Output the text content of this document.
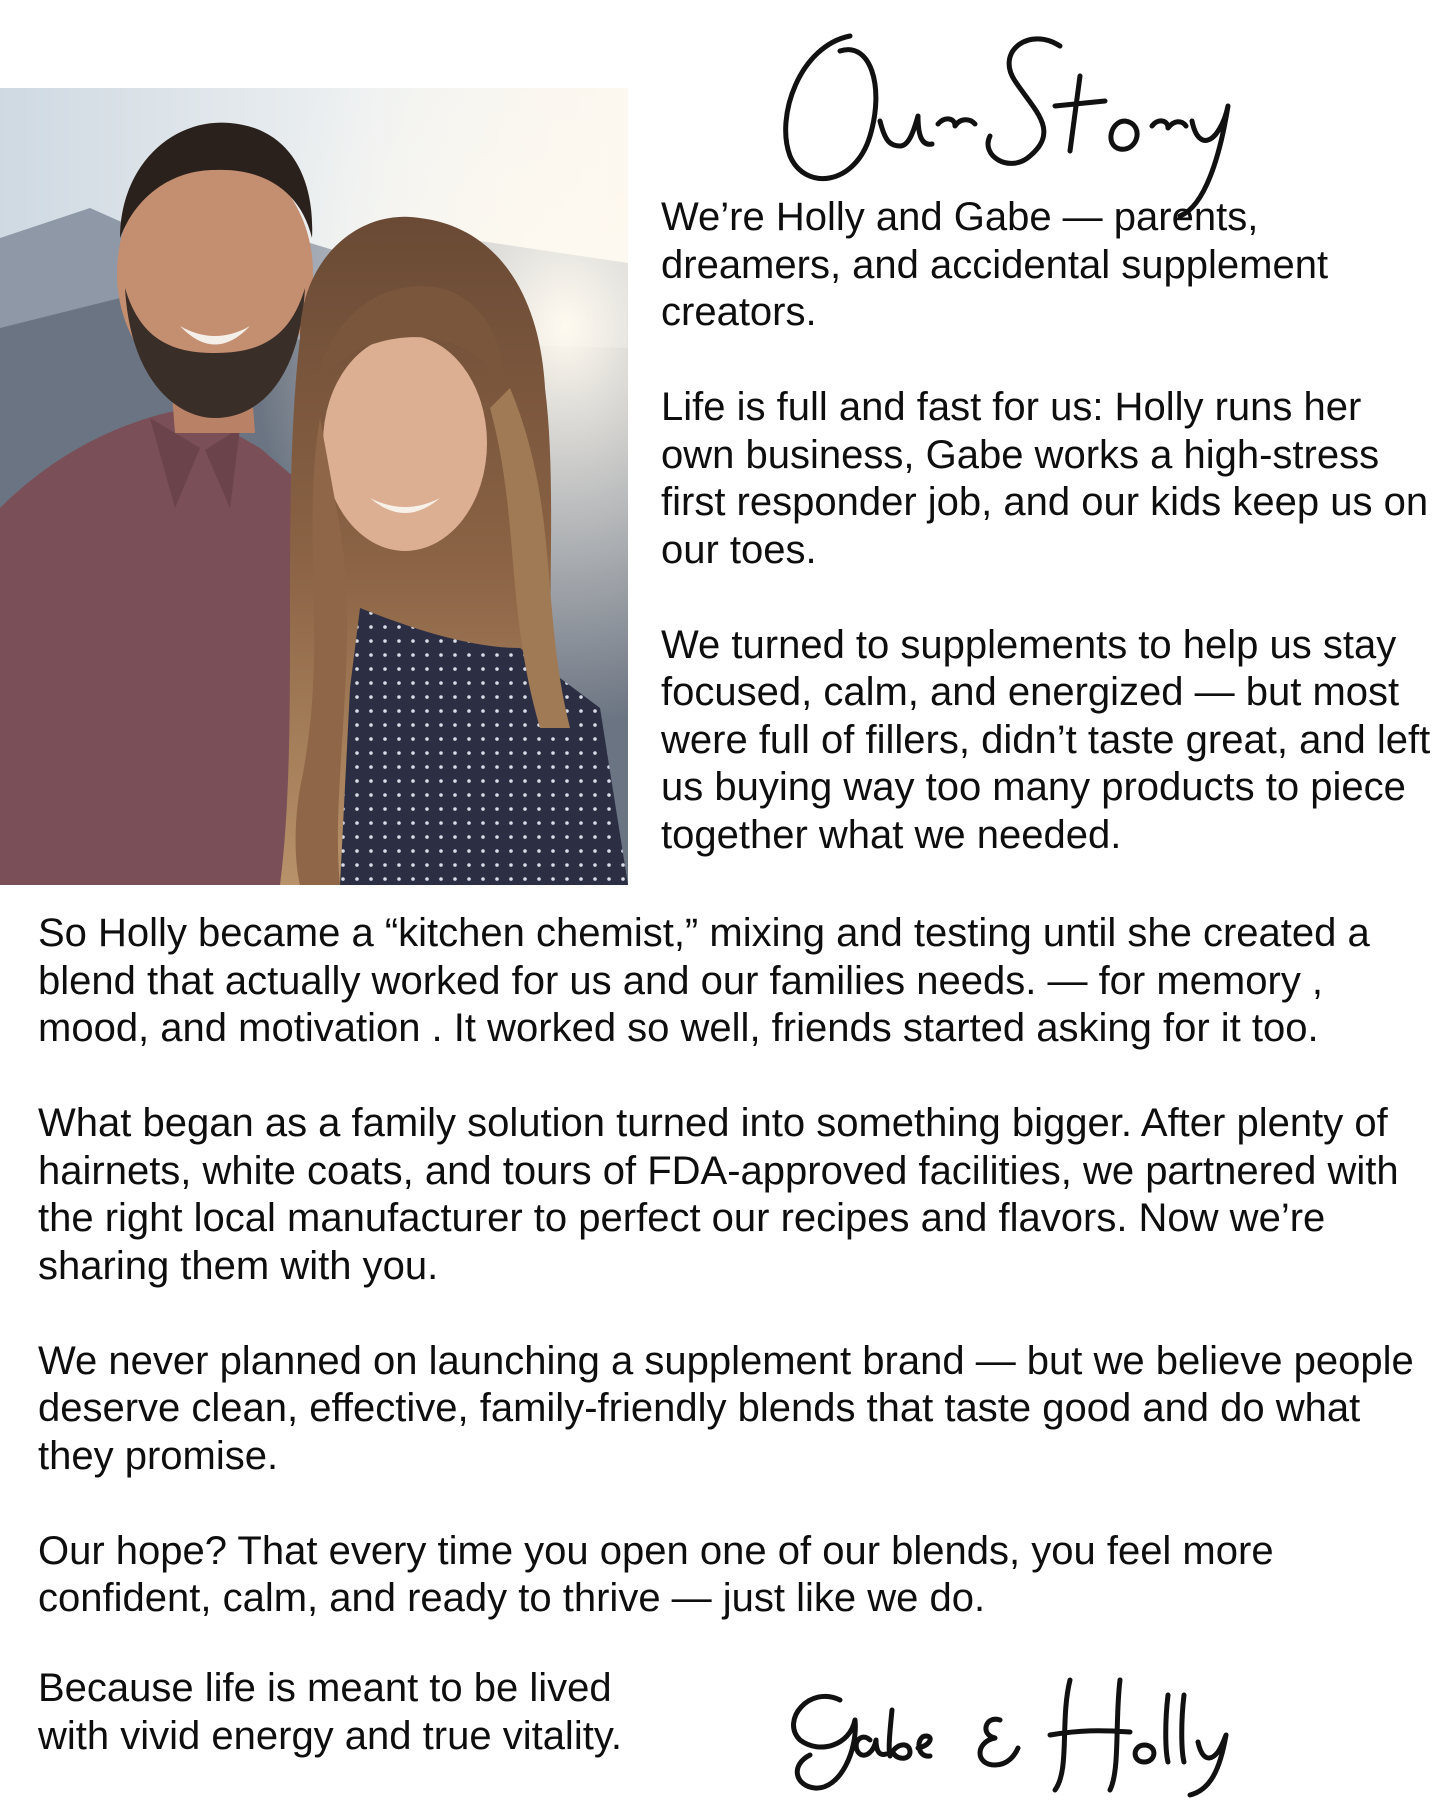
We’re Holly and Gabe — parents, dreamers, and accidental supplement creators.

Life is full and fast for us: Holly runs her own business, Gabe works a high-stress first responder job, and our kids keep us on our toes.

We turned to supplements to help us stay focused, calm, and energized — but most were full of fillers, didn’t taste great, and left us buying way too many products to piece together what we needed.

So Holly became a “kitchen chemist,” mixing and testing until she created a blend that actually worked for us and our families needs. — for memory , mood, and motivation . It worked so well, friends started asking for it too.

What began as a family solution turned into something bigger. After plenty of hairnets, white coats, and tours of FDA-approved facilities, we partnered with the right local manufacturer to perfect our recipes and flavors. Now we’re sharing them with you.

We never planned on launching a supplement brand — but we believe people deserve clean, effective, family-friendly blends that taste good and do what they promise.

Our hope? That every time you open one of our blends, you feel more confident, calm, and ready to thrive — just like we do.

Because life is meant to be lived
with vivid energy and true vitality.
